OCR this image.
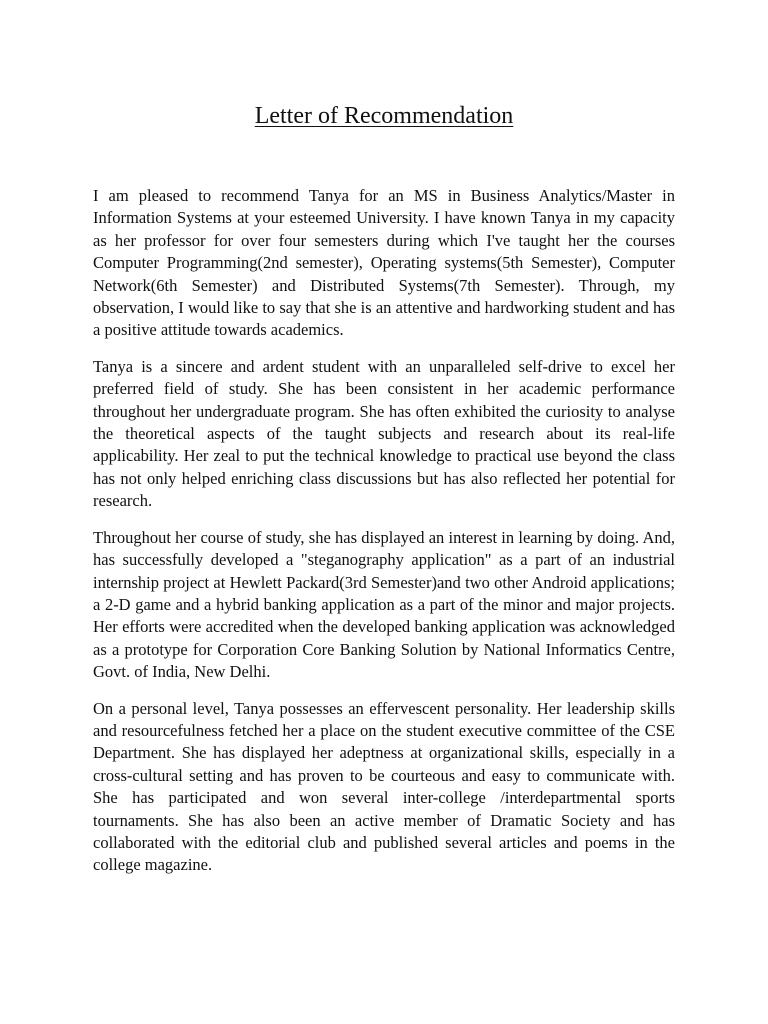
Letter of Recommendation

I am pleased to recommend Tanya for an MS in Business Analytics/Master in Information Systems at your esteemed University. I have known Tanya in my capacity as her professor for over four semesters during which I've taught her the courses Computer Programming(2nd semester), Operating systems(5th Semester), Computer Network(6th Semester) and Distributed Systems(7th Semester). Through, my observation, I would like to say that she is an attentive and hardworking student and has a positive attitude towards academics.

Tanya is a sincere and ardent student with an unparalleled self-drive to excel her preferred field of study. She has been consistent in her academic performance throughout her undergraduate program. She has often exhibited the curiosity to analyse the theoretical aspects of the taught subjects and research about its real-life applicability. Her zeal to put the technical knowledge to practical use beyond the class has not only helped enriching class discussions but has also reflected her potential for research.

Throughout her course of study, she has displayed an interest in learning by doing. And, has successfully developed a "steganography application" as a part of an industrial internship project at Hewlett Packard(3rd Semester)and two other Android applications; a 2-D game and a hybrid banking application as a part of the minor and major projects. Her efforts were accredited when the developed banking application was acknowledged as a prototype for Corporation Core Banking Solution by National Informatics Centre, Govt. of India, New Delhi.

On a personal level, Tanya possesses an effervescent personality. Her leadership skills and resourcefulness fetched her a place on the student executive committee of the CSE Department. She has displayed her adeptness at organizational skills, especially in a cross-cultural setting and has proven to be courteous and easy to communicate with. She has participated and won several inter-college /interdepartmental sports tournaments. She has also been an active member of Dramatic Society and has collaborated with the editorial club and published several articles and poems in the college magazine.
